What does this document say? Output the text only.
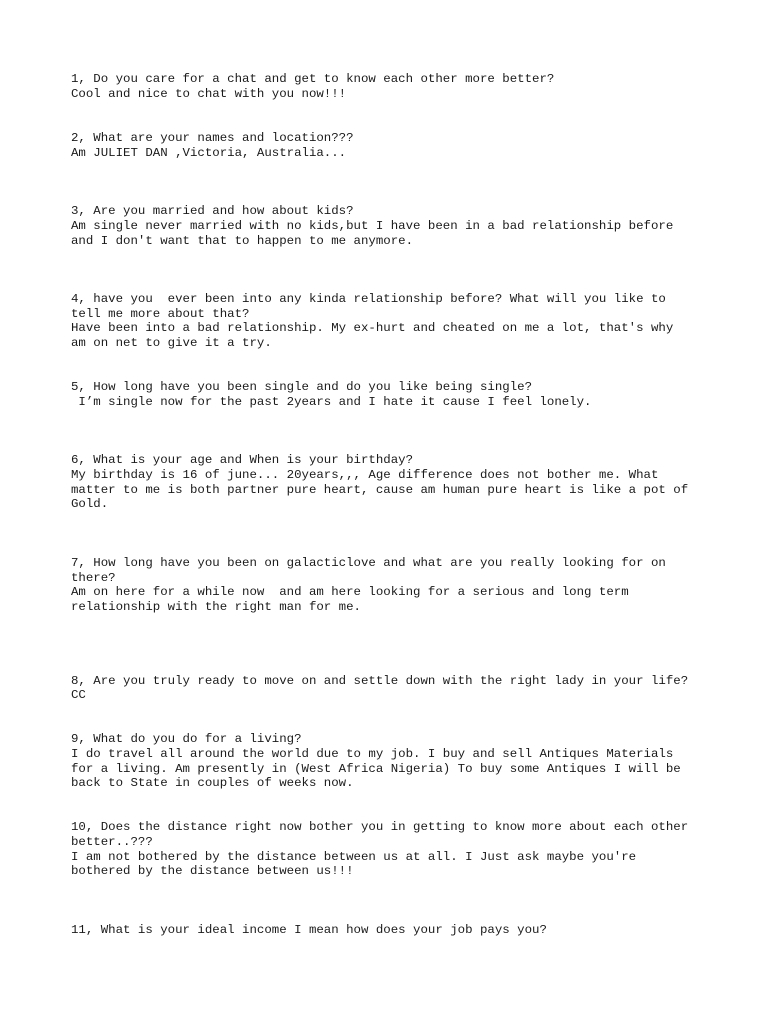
1, Do you care for a chat and get to know each other more better?
Cool and nice to chat with you now!!!
2, What are your names and location???
Am JULIET DAN ,Victoria, Australia...
3, Are you married and how about kids?
Am single never married with no kids,but I have been in a bad relationship before
and I don't want that to happen to me anymore.
4, have you  ever been into any kinda relationship before? What will you like to
tell me more about that?
Have been into a bad relationship. My ex-hurt and cheated on me a lot, that's why
am on net to give it a try.
5, How long have you been single and do you like being single?
I’m single now for the past 2years and I hate it cause I feel lonely.
6, What is your age and When is your birthday?
My birthday is 16 of june... 20years,,, Age difference does not bother me. What
matter to me is both partner pure heart, cause am human pure heart is like a pot of
Gold.
7, How long have you been on galacticlove and what are you really looking for on
there?
Am on here for a while now  and am here looking for a serious and long term
relationship with the right man for me.
8, Are you truly ready to move on and settle down with the right lady in your life?
CC
9, What do you do for a living?
I do travel all around the world due to my job. I buy and sell Antiques Materials
for a living. Am presently in (West Africa Nigeria) To buy some Antiques I will be
back to State in couples of weeks now.
10, Does the distance right now bother you in getting to know more about each other
better..???
I am not bothered by the distance between us at all. I Just ask maybe you're
bothered by the distance between us!!!
11, What is your ideal income I mean how does your job pays you?
